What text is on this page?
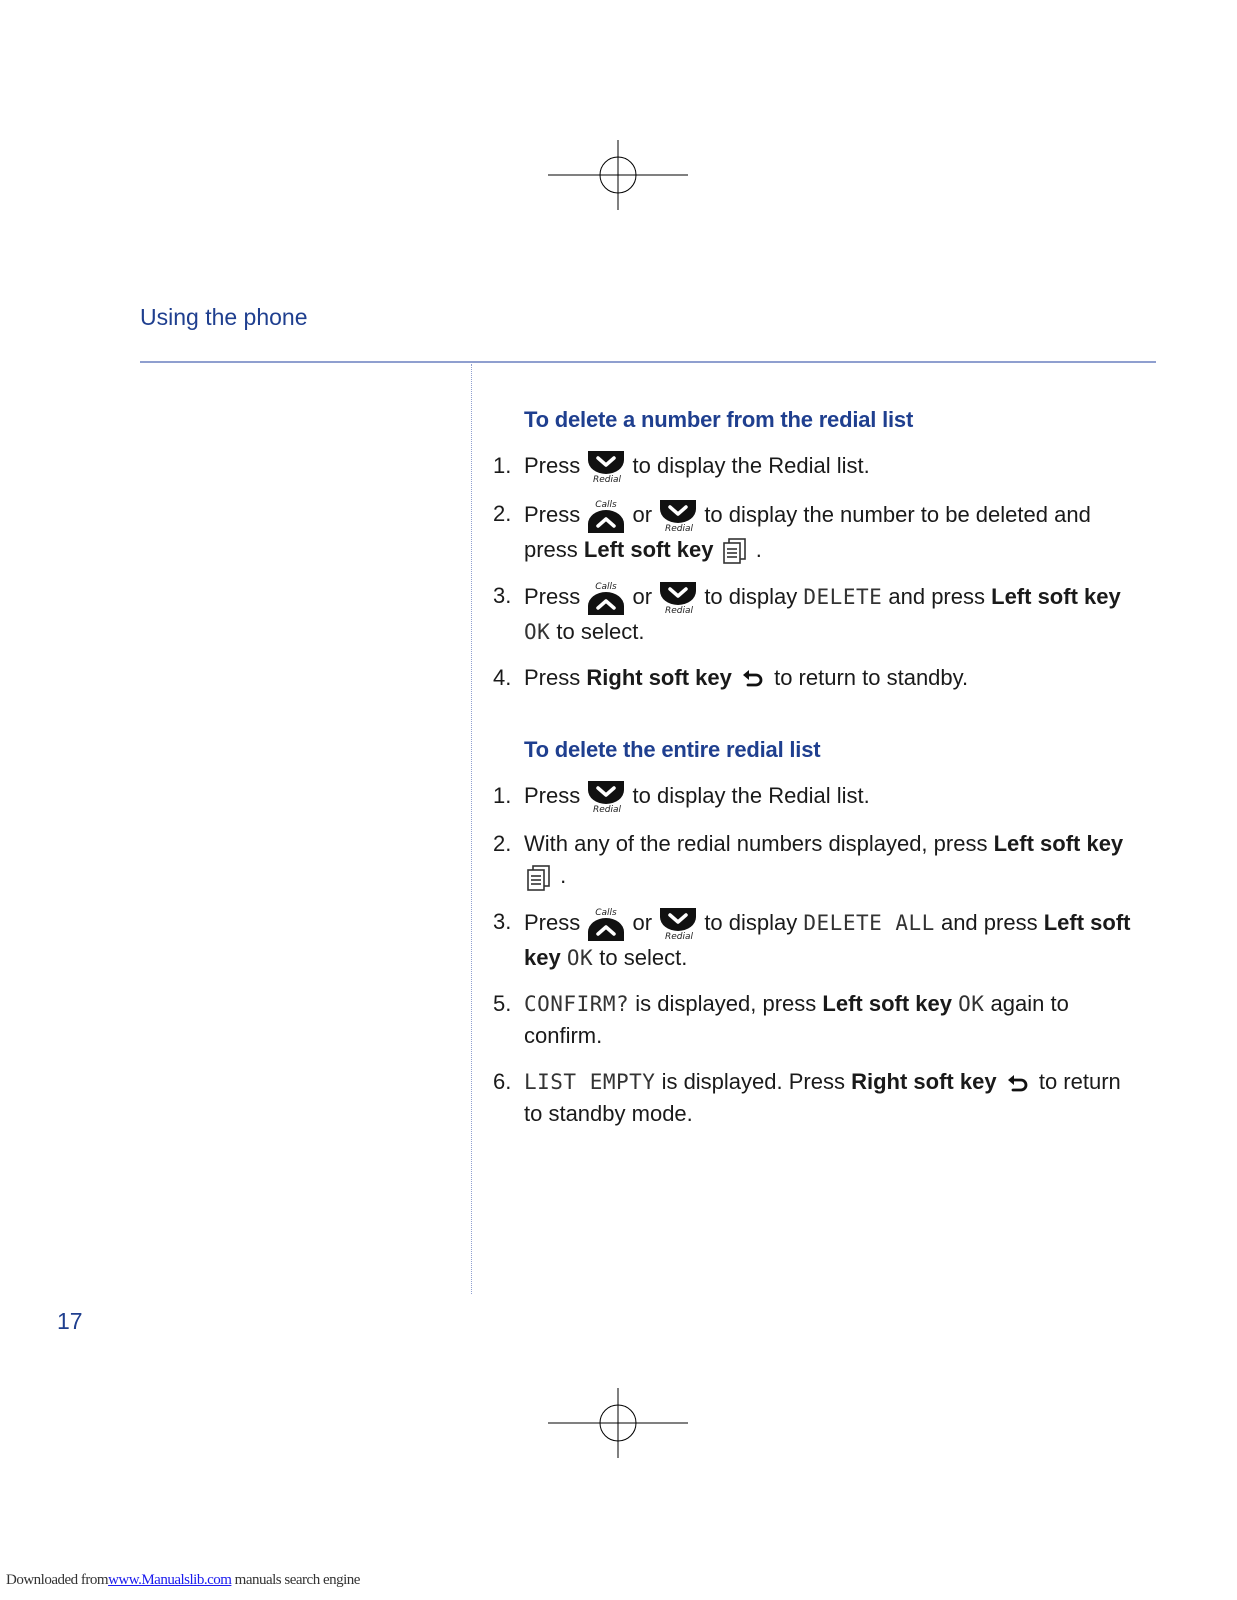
Using the phone
To delete a number from the redial list
1. Press
Redial
to display the Redial list.
2. Press Calls or
Redial
to display the number to be deleted and press Left soft key .
3. Press Calls or
Redial
to display DELETE and press Left soft key OK to select.
4. Press Right soft key to return to standby.
To delete the entire redial list
1. Press
Redial
to display the Redial list.
2. With any of the redial numbers displayed, press Left soft key
.
3. Press Calls or
Redial
to display DELETE ALL and press Left soft key OK to select.
5. CONFIRM? is displayed, press Left soft key OK again to confirm.
6. LIST EMPTY is displayed. Press Right soft key to return to standby mode.
17
Downloaded fromwww.Manualslib.com manuals search engine
